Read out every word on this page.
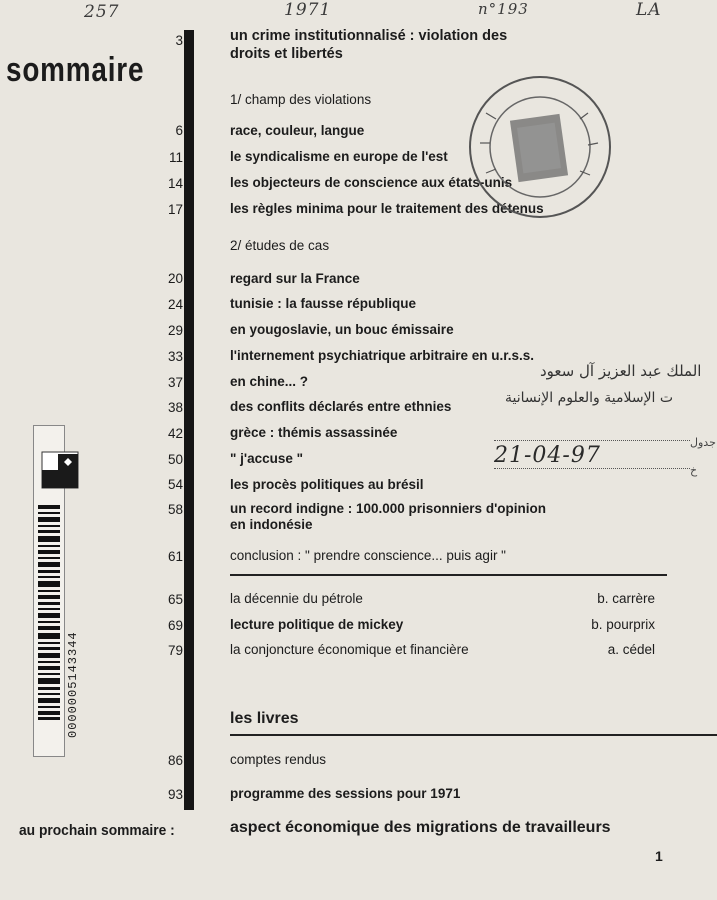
257	1971	n°193	LA
sommaire
3	un crime institutionnalisé : violation des
droits et libertés
1/ champ des violations
6	race, couleur, langue
11	le syndicalisme en europe de l'est
14	les objecteurs de conscience aux états-unis
17	les règles minima pour le traitement des détenus
2/ études de cas
20	regard sur la France
24	tunisie : la fausse république
29	en yougoslavie, un bouc émissaire
33	l'internement psychiatrique arbitraire en u.r.s.s.
37	en chine... ?
38	des conflits déclarés entre ethnies
42	grèce : thémis assassinée
50	" j'accuse "
54	les procès politiques au brésil
58	un record indigne : 100.000 prisonniers d'opinion
en indonésie
61	conclusion : " prendre conscience... puis agir "
65	la décennie du pétrole	b. carrère
69	lecture politique de mickey	b. pourprix
79	la conjoncture économique et financière	a. cédel
les livres
86	comptes rendus
93	programme des sessions pour 1971
au prochain sommaire :	aspect économique des migrations de travailleurs
1
0000005143344
الملك عبد العزيز آل سعود
ت الإسلامية والعلوم الإنسانية
جدول
21-04-97
خ
